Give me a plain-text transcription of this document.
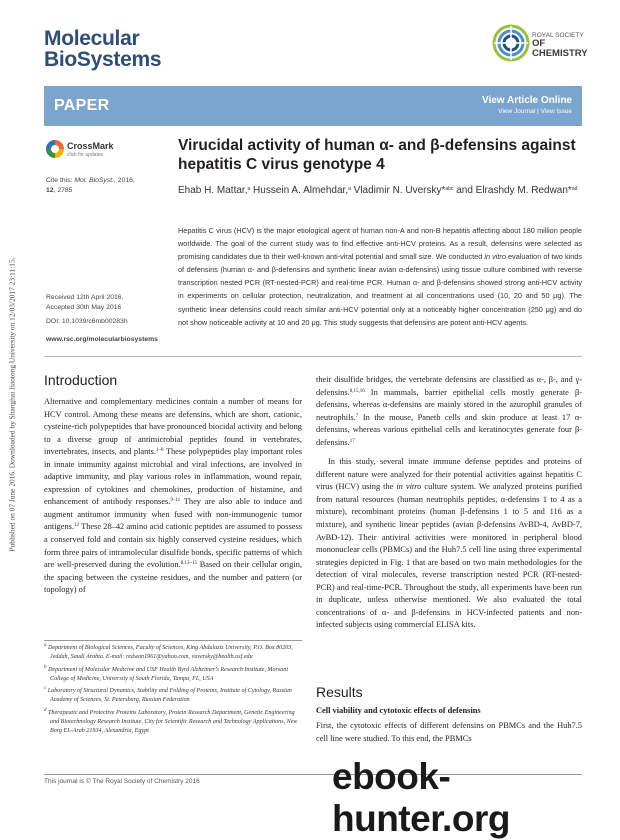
Published on 07 June 2016. Downloaded by Shanghai Jiaotong University on 12/03/2017 23:11:15.
Molecular
BioSystems
ROYAL SOCIETY
OF CHEMISTRY
PAPER	View Article Online
View Journal | View Issue
CrossMark
click for updates
Cite this: Mol. BioSyst., 2016,
12, 2785
Received 12th April 2016,
Accepted 30th May 2016
DOI: 10.1039/c6mb00283h
www.rsc.org/molecularbiosystems
Virucidal activity of human α- and β-defensins against hepatitis C virus genotype 4
Ehab H. Mattar,$^a$ Hussein A. Almehdar,$^a$ Vladimir N. Uversky*$^{abc}$ and Elrashdy M. Redwan*$^{ad}$
Hepatitis C virus (HCV) is the major etiological agent of human non-A and non-B hepatitis affecting about 180 million people worldwide. The goal of the current study was to find effective anti-HCV proteins. As a result, defensins were selected as promising candidates due to their well-known anti-viral potential and small size. We conducted in vitro evaluation of two kinds of defensins (human α- and β-defensins and synthetic linear avian α-defensins) using tissue culture combined with reverse transcription nested PCR (RT-nested-PCR) and real-time PCR. Human α- and β-defensins showed strong anti-HCV activity in experiments on cellular protection, neutralization, and treatment at all concentrations used (10, 20 and 50 μg). The synthetic linear defensins could reach similar anti-HCV potential only at a noticeably higher concentration (250 μg) and do not show noticeable activity at 10 and 20 μg. This study suggests that defensins are potent anti-HCV agents.
Introduction

Alternative and complementary medicines contain a number of means for HCV control. Among these means are defensins, which are short, cationic, cysteine-rich polypeptides that have pronounced biocidal activity and belong to a diverse group of antimicrobial peptides found in vertebrates, invertebrates, insects, and plants.$^{1-8}$ These polypeptides play important roles in innate immunity against microbial and viral infections, are involved in adaptive immunity, and play various roles in inflammation, wound repair, expression of cytokines and chemokines, production of histamine, and enhancement of antibody responses.$^{9-11}$ They are also able to induce and augment antitumor immunity when fused with non-immunogenic tumor antigens.$^{12}$ These 28–42 amino acid cationic peptides are assumed to possess a conserved fold and contain six highly conserved cysteine residues, which form three pairs of intramolecular disulfide bonds, specific patterns of which are well-preserved during the evolution.$^{8,13-15}$ Based on their cellular origin, the spacing between the cysteine residues, and the number and pattern (or topology) of

$^a$ Department of Biological Sciences, Faculty of Sciences, King Abdulaziz University, P.O. Box 80203, Jeddah, Saudi Arabia. E-mail: redwan1961@yahoo.com, vuversky@health.usf.edu
$^b$ Department of Molecular Medicine and USF Health Byrd Alzheimer's Research Institute, Morsani College of Medicine, University of South Florida, Tampa, FL, USA
$^c$ Laboratory of Structural Dynamics, Stability and Folding of Proteins, Institute of Cytology, Russian Academy of Sciences, St. Petersburg, Russian Federation
$^d$ Therapeutic and Protective Proteins Laboratory, Protein Research Department, Genetic Engineering and Biotechnology Research Institute, City for Scientific Research and Technology Applications, New Borg EL-Arab 21934, Alexandria, Egypt

their disulfide bridges, the vertebrate defensins are classified as α-, β-, and γ-defensins.$^{8,15,16}$ In mammals, barrier epithelial cells mostly generate β-defensins, whereas α-defensins are mainly stored in the azurophil granules of neutrophils.$^7$ In the mouse, Paneth cells and skin produce at least 17 α-defensins, whereas various epithelial cells and keratinocytes generate four β-defensins.$^{17}$

In this study, several innate immune defense peptides and proteins of different nature were analyzed for their potential activities against hepatitis C virus (HCV) using the in vitro culture system. We analyzed proteins purified from natural resources (human neutrophils peptides, α-defensins 1 to 4 as a mixture), recombinant proteins (human β-defensins 1 to 5 and 116 as a mixture), and synthetic linear peptides (avian β-defensins AvBD-4, AvBD-7, AvBD-12). Their antiviral activities were monitored in peripheral blood mononuclear cells (PBMCs) and the Huh7.5 cell line using three experimental strategies depicted in Fig. 1 that are based on two main methodologies for the detection of viral molecules, reverse transcription nested PCR (RT-nested-PCR) and real-time-PCR. Throughout the study, all experiments have been run in duplicate, unless otherwise mentioned. We also evaluated the total concentrations of α- and β-defensins in HCV-infected patients and non-infected subjects using commercial ELISA kits.

Results
Cell viability and cytotoxic effects of defensins

First, the cytotoxic effects of different defensins on PBMCs and the Huh7.5 cell line were studied. To this end, the PBMCs

This journal is © The Royal Society of Chemistry 2016	ebook-hunter.org
